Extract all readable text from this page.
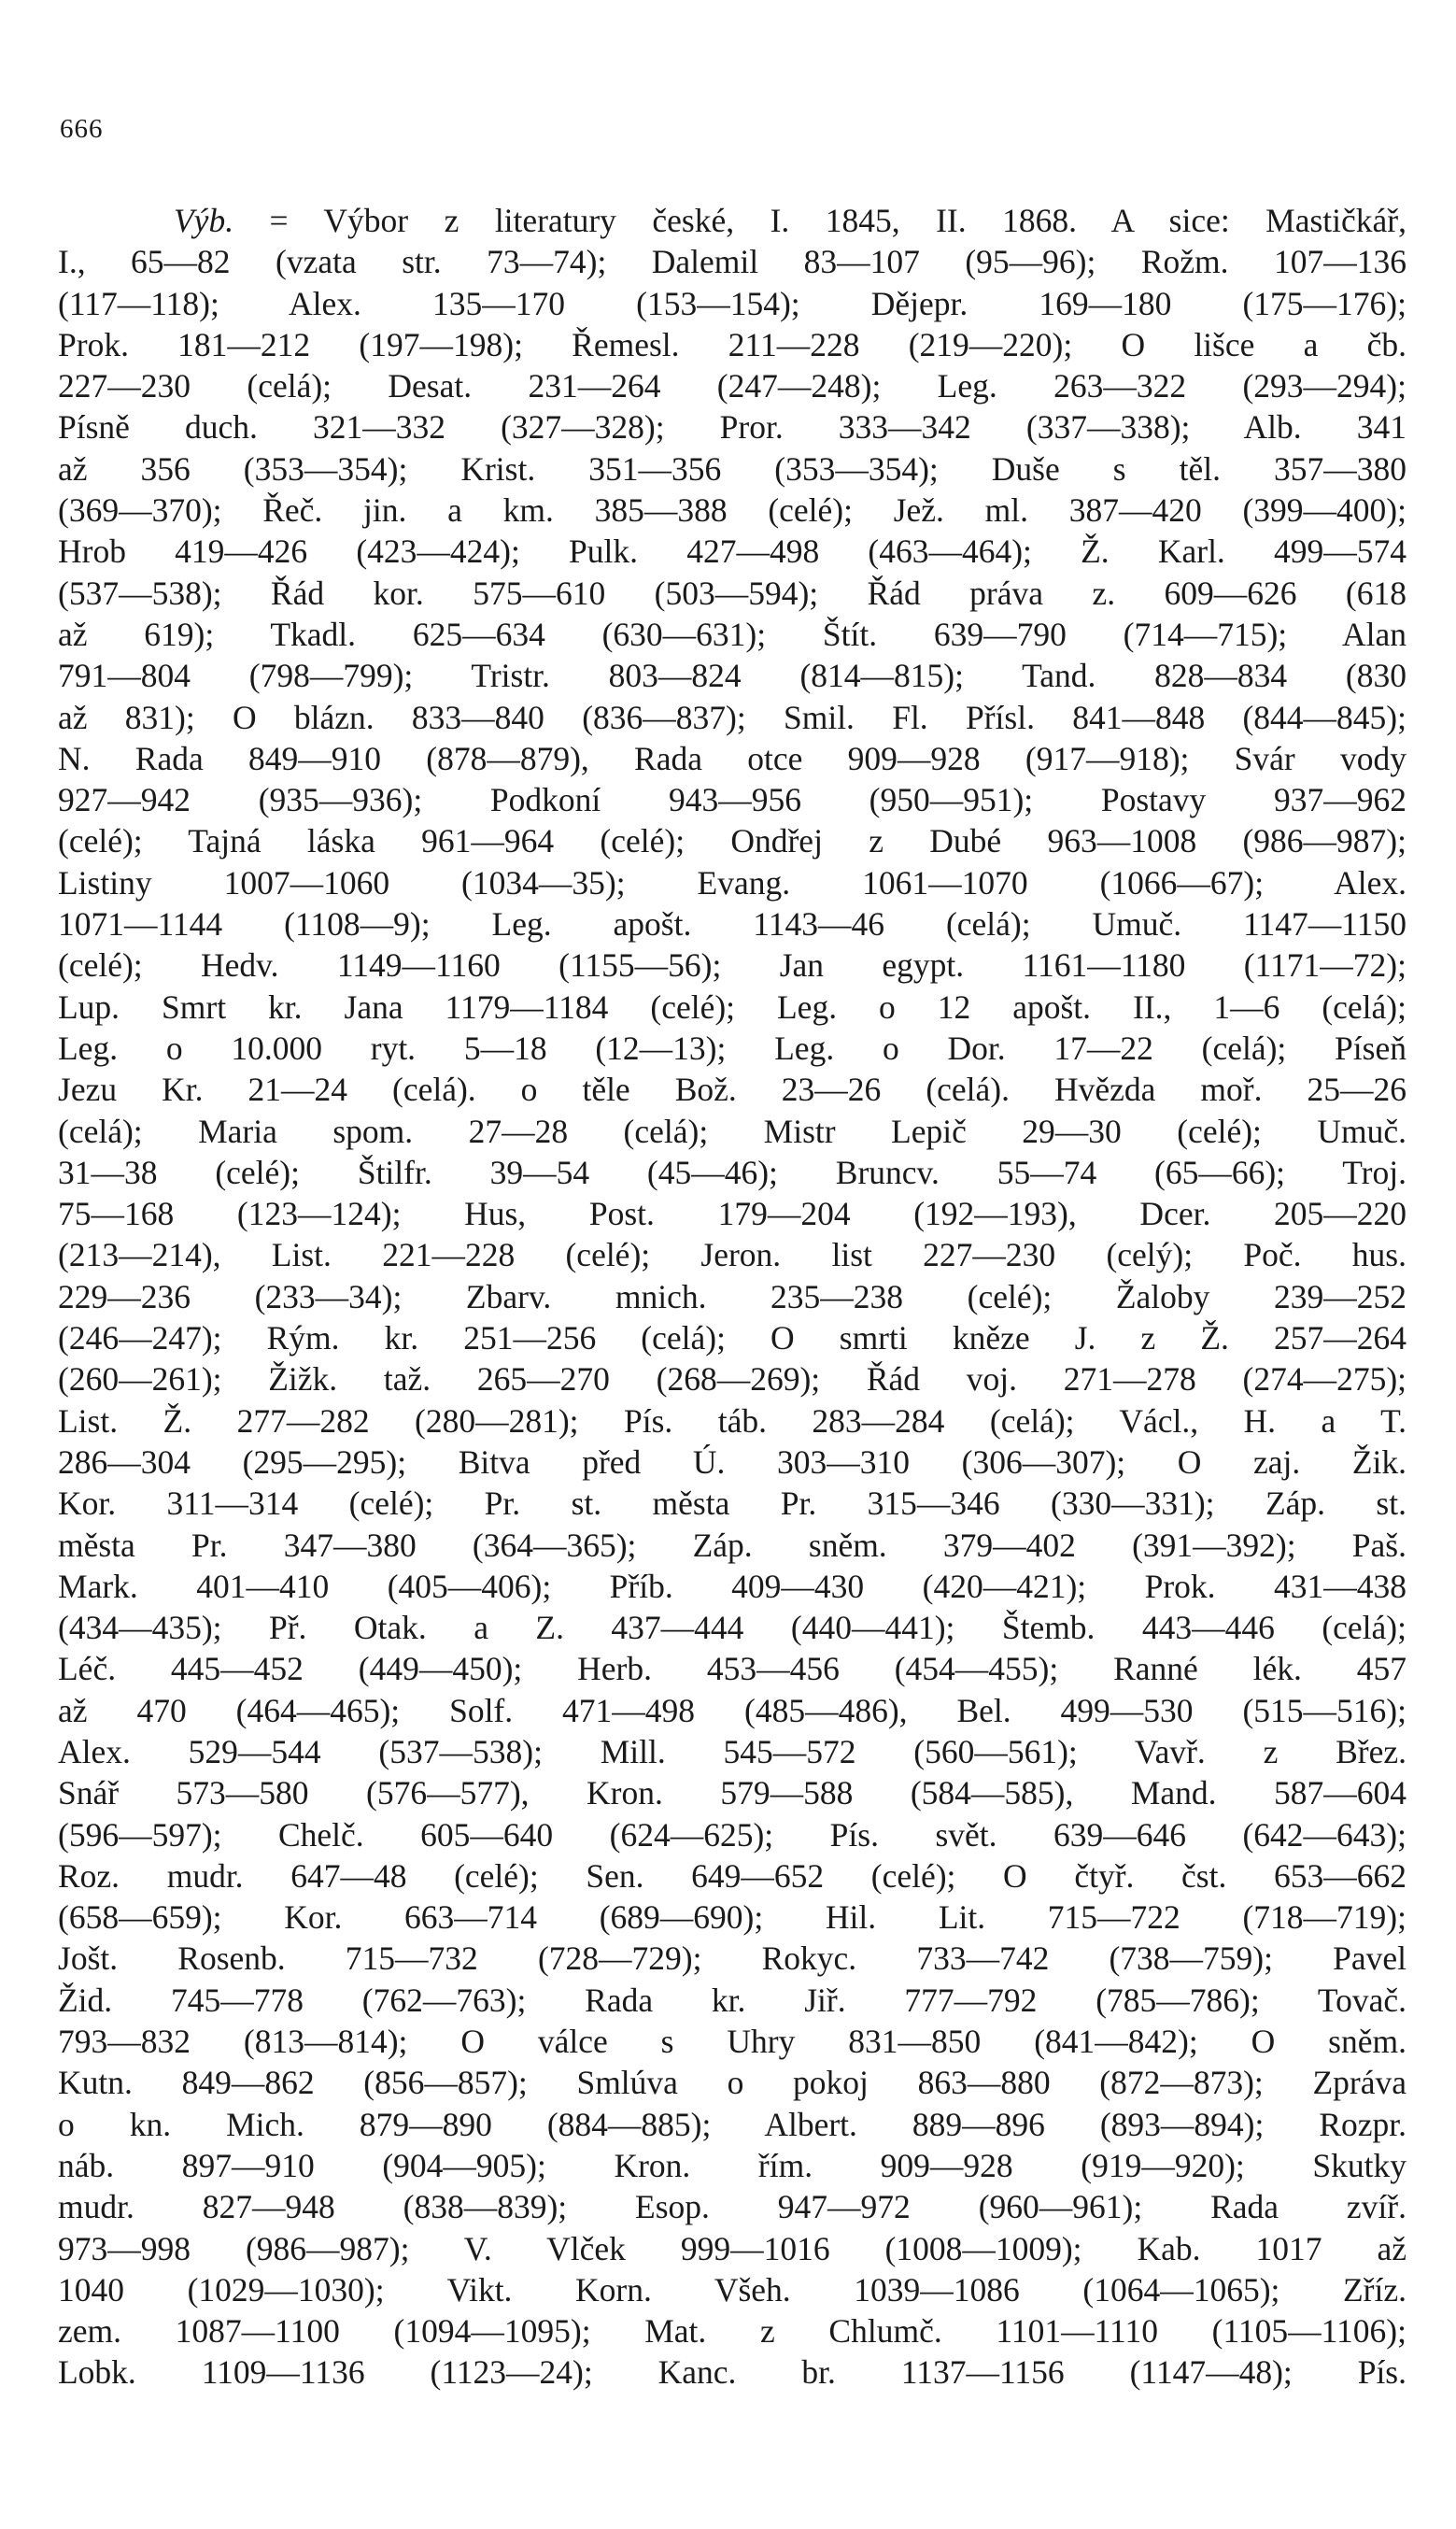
666
Výb. = Výbor z literatury české, I. 1845, II. 1868. A sice: Mastičkář,
I., 65—82 (vzata str. 73—74); Dalemil 83—107 (95—96); Rožm. 107—136
(117—118); Alex. 135—170 (153—154); Dějepr. 169—180 (175—176);
Prok. 181—212 (197—198); Řemesl. 211—228 (219—220); O lišce a čb.
227—230 (celá); Desat. 231—264 (247—248); Leg. 263—322 (293—294);
Písně duch. 321—332 (327—328); Pror. 333—342 (337—338); Alb. 341
až 356 (353—354); Krist. 351—356 (353—354); Duše s těl. 357—380
(369—370); Řeč. jin. a km. 385—388 (celé); Jež. ml. 387—420 (399—400);
Hrob 419—426 (423—424); Pulk. 427—498 (463—464); Ž. Karl. 499—574
(537—538); Řád kor. 575—610 (503—594); Řád práva z. 609—626 (618
až 619); Tkadl. 625—634 (630—631); Štít. 639—790 (714—715); Alan
791—804 (798—799); Tristr. 803—824 (814—815); Tand. 828—834 (830
až 831); O blázn. 833—840 (836—837); Smil. Fl. Přísl. 841—848 (844—845);
N. Rada 849—910 (878—879), Rada otce 909—928 (917—918); Svár vody
927—942 (935—936); Podkoní 943—956 (950—951); Postavy 937—962
(celé); Tajná láska 961—964 (celé); Ondřej z Dubé 963—1008 (986—987);
Listiny 1007—1060 (1034—35); Evang. 1061—1070 (1066—67); Alex.
1071—1144 (1108—9); Leg. apošt. 1143—46 (celá); Umuč. 1147—1150
(celé); Hedv. 1149—1160 (1155—56); Jan egypt. 1161—1180 (1171—72);
Lup. Smrt kr. Jana 1179—1184 (celé); Leg. o 12 apošt. II., 1—6 (celá);
Leg. o 10.000 ryt. 5—18 (12—13); Leg. o Dor. 17—22 (celá); Píseň
Jezu Kr. 21—24 (celá). o těle Bož. 23—26 (celá). Hvězda moř. 25—26
(celá); Maria spom. 27—28 (celá); Mistr Lepič 29—30 (celé); Umuč.
31—38 (celé); Štilfr. 39—54 (45—46); Bruncv. 55—74 (65—66); Troj.
75—168 (123—124); Hus, Post. 179—204 (192—193), Dcer. 205—220
(213—214), List. 221—228 (celé); Jeron. list 227—230 (celý); Poč. hus.
229—236 (233—34); Zbarv. mnich. 235—238 (celé); Žaloby 239—252
(246—247); Rým. kr. 251—256 (celá); O smrti kněze J. z Ž. 257—264
(260—261); Žižk. taž. 265—270 (268—269); Řád voj. 271—278 (274—275);
List. Ž. 277—282 (280—281); Pís. táb. 283—284 (celá); Václ., H. a T.
286—304 (295—295); Bitva před Ú. 303—310 (306—307); O zaj. Žik.
Kor. 311—314 (celé); Pr. st. města Pr. 315—346 (330—331); Záp. st.
města Pr. 347—380 (364—365); Záp. sněm. 379—402 (391—392); Paš.
Mark. 401—410 (405—406); Příb. 409—430 (420—421); Prok. 431—438
(434—435); Př. Otak. a Z. 437—444 (440—441); Štemb. 443—446 (celá);
Léč. 445—452 (449—450); Herb. 453—456 (454—455); Ranné lék. 457
až 470 (464—465); Solf. 471—498 (485—486), Bel. 499—530 (515—516);
Alex. 529—544 (537—538); Mill. 545—572 (560—561); Vavř. z Břez.
Snář 573—580 (576—577), Kron. 579—588 (584—585), Mand. 587—604
(596—597); Chelč. 605—640 (624—625); Pís. svět. 639—646 (642—643);
Roz. mudr. 647—48 (celé); Sen. 649—652 (celé); O čtyř. čst. 653—662
(658—659); Kor. 663—714 (689—690); Hil. Lit. 715—722 (718—719);
Jošt. Rosenb. 715—732 (728—729); Rokyc. 733—742 (738—759); Pavel
Žid. 745—778 (762—763); Rada kr. Jiř. 777—792 (785—786); Tovač.
793—832 (813—814); O válce s Uhry 831—850 (841—842); O sněm.
Kutn. 849—862 (856—857); Smlúva o pokoj 863—880 (872—873); Zpráva
o kn. Mich. 879—890 (884—885); Albert. 889—896 (893—894); Rozpr.
náb. 897—910 (904—905); Kron. řím. 909—928 (919—920); Skutky
mudr. 827—948 (838—839); Esop. 947—972 (960—961); Rada zvíř.
973—998 (986—987); V. Vlček 999—1016 (1008—1009); Kab. 1017 až
1040 (1029—1030); Vikt. Korn. Všeh. 1039—1086 (1064—1065); Zříz.
zem. 1087—1100 (1094—1095); Mat. z Chlumč. 1101—1110 (1105—1106);
Lobk. 1109—1136 (1123—24); Kanc. br. 1137—1156 (1147—48); Pís.
